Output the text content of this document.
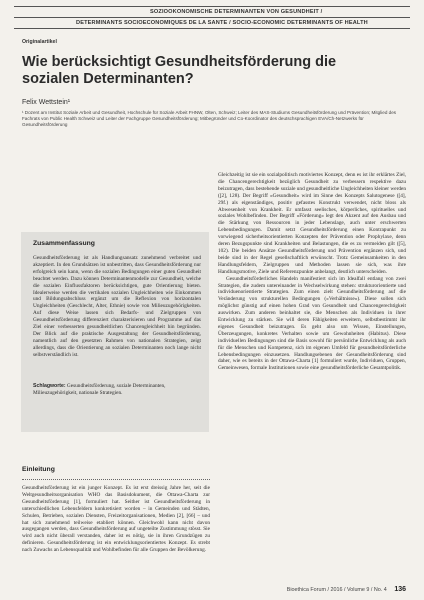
SOZIOÖKONOMISCHE DETERMINANTEN VON GESUNDHEIT /
DETERMINANTS SOCIOECONOMIQUES DE LA SANTE / SOCIO-ECONOMIC DETERMINANTS OF HEALTH
Originalartikel
Wie berücksichtigt Gesundheitsförderung die sozialen Determinanten?
Felix Wettstein¹
¹ Dozent am Institut Soziale Arbeit und Gesundheit, Hochschule für Soziale Arbeit FHNW, Olten, Schweiz; Leiter des MAS-Studiums Gesundheitsförderung und Prävention; Mitglied des Fachrats von Public Health Schweiz und Leiter der Fachgruppe Gesundheitsförderung; Mitbegründer und Co-Koordinator des deutschsprachigen EVA/Ch-Netzwerks für Gesundheitsförderung
Zusammenfassung
Gesundheitsförderung ist als Handlungsansatz zunehmend verbreitet und akzeptiert. In den Grundsätzen ist unbestritten, dass Gesundheitsförderung nur erfolgreich sein kann, wenn die sozialen Bedingungen einer guten Gesundheit beachtet werden. Dazu können Determinantenmodelle zur Gesundheit, welche die sozialen Einflussfaktoren berücksichtigen, gute Orientierung bieten. Idealerweise werden die vertikalen sozialen Ungleichheiten wie Einkommen und Bildungsabschluss ergänzt um die Reflexion von horizontalen Ungleichheiten (Geschlecht, Alter, Ethnie) sowie von Milieuzugehörigkeiten. Auf diese Weise lassen sich Bedarfs- und Zielgruppen von Gesundheitsförderung differenziert charakterisieren und Programme auf das Ziel einer verbesserten gesundheitlichen Chancengleichheit hin begründen. Der Blick auf die praktische Ausgestaltung der Gesundheitsförderung, namentlich auf den gesetzten Rahmen von nationalen Strategien, zeigt allerdings, dass die Orientierung an sozialen Determinanten noch lange nicht selbstverständlich ist.
Schlagworte: Gesundheitsförderung, soziale Determinanten, Milieuzugehörigkeit, nationale Strategien.
Einleitung
Gesundheitsförderung ist ein junger Konzept. Es ist erst dreissig Jahre her, seit die Weltgesundheitsorganisation WHO das Basisdokument, die Ottawa-Charta zur Gesundheitsförderung [1], formuliert hat. Seither ist Gesundheitsförderung in unterschiedlichen Lebensfeldern konkretisiert worden – in Gemeinden und Städten, Schulen, Betrieben, sozialen Diensten, Freizeitorganisationen, Medien [2], [66] – und hat sich zunehmend teilweise etabliert können. Gleichwohl kann nicht davon ausgegangen werden, dass Gesundheitsförderung auf ungeteilte Zustimmung stösst. Sie wird auch nicht überall verstanden, daher ist es nötig, sie in ihren Grundzügen zu definieren. Gesundheitsförderung ist ein entwicklungsorientiertes Konzept. Es strebt nach Zuwachs an Lebensqualität und Wohlbefinden für alle Gruppen der Bevölkerung.

Gleichzeitig ist sie ein sozialpolitisch motiviertes Konzept, denn es ist ihr erklärtes Ziel, die Chancengerechtigkeit bezüglich Gesundheit zu verbessern respektive dazu beizutragen, dass bestehende soziale und gesundheitliche Ungleichheiten kleiner werden ([2], 128). Der Begriff «Gesundheit» wird im Sinne des Konzepts Salutogenese ([4], 29f.) als eigenständiges, positiv gefasstes Konstrukt verwendet, nicht bloss als Abwesenheit von Krankheit. Er umfasst seelisches, körperliches, spirituelles und soziales Wohlbefinden. Der Begriff «Förderung» legt den Akzent auf den Ausbau und die Stärkung von Ressourcen in jeder Lebenslage, auch unter erschwerten Lebensbedingungen. Damit setzt Gesundheitsförderung einen Kontrapunkt zu vorwiegend sicherheitsorientierten Konzepten der Prävention oder Prophylaxe, denn deren Bezugspunkte sind Krankheiten und Belastungen, die es zu vermeiden gilt ([5], 102). Die beiden Ansätze Gesundheitsförderung und Prävention ergänzen sich, und beide sind in der Regel gesellschaftlich erwünscht. Trotz Gemeinsamkeiten in den Handlungsfeldern, Zielgruppen und Methoden lassen sie sich, was ihre Handlungsmotive, Ziele und Referenzpunkte anbelangt, deutlich unterscheiden.

Gesundheitsförderliches Handeln manifestiert sich im Idealfall entlang von zwei Strategien, die zudem untereinander in Wechselwirkung stehen: strukturorientierte und individuenorientierte Strategien. Zum einen zielt Gesundheitsförderung auf die Veränderung von strukturellen Bedingungen («Verhältnisse»). Diese sollen sich möglichst günstig auf einen hohen Grad von Gesundheit und Chancengerechtigkeit auswirken. Zum anderen beinhaltet sie, die Menschen als Individuen in ihrer Entwicklung zu stärken. Sie will deren Fähigkeiten erweitern, selbstbestimmt ihr eigenes Gesundheit beizutragen. Es geht also um Wissen, Einstellungen, Überzeugungen, konkretes Verhalten sowie um Gewohnheiten (Habitus). Diese individuellen Bedingungen sind die Basis sowohl für persönliche Entwicklung als auch für die Menschen und Kompetenz, sich im eigenen Umfeld für gesundheitsförderliche Lebensbedingungen einzusetzen. Handlungsebenen der Gesundheitsförderung sind daher, wie es bereits in der Ottawa-Charta [1] formuliert wurde, Individuen, Gruppen, Gemeinwesen, formale Institutionen sowie eine gesundheitsförderliche Gesamtpolitik.

Bioethica Forum / 2016 / Volume 9 / No. 4 136
